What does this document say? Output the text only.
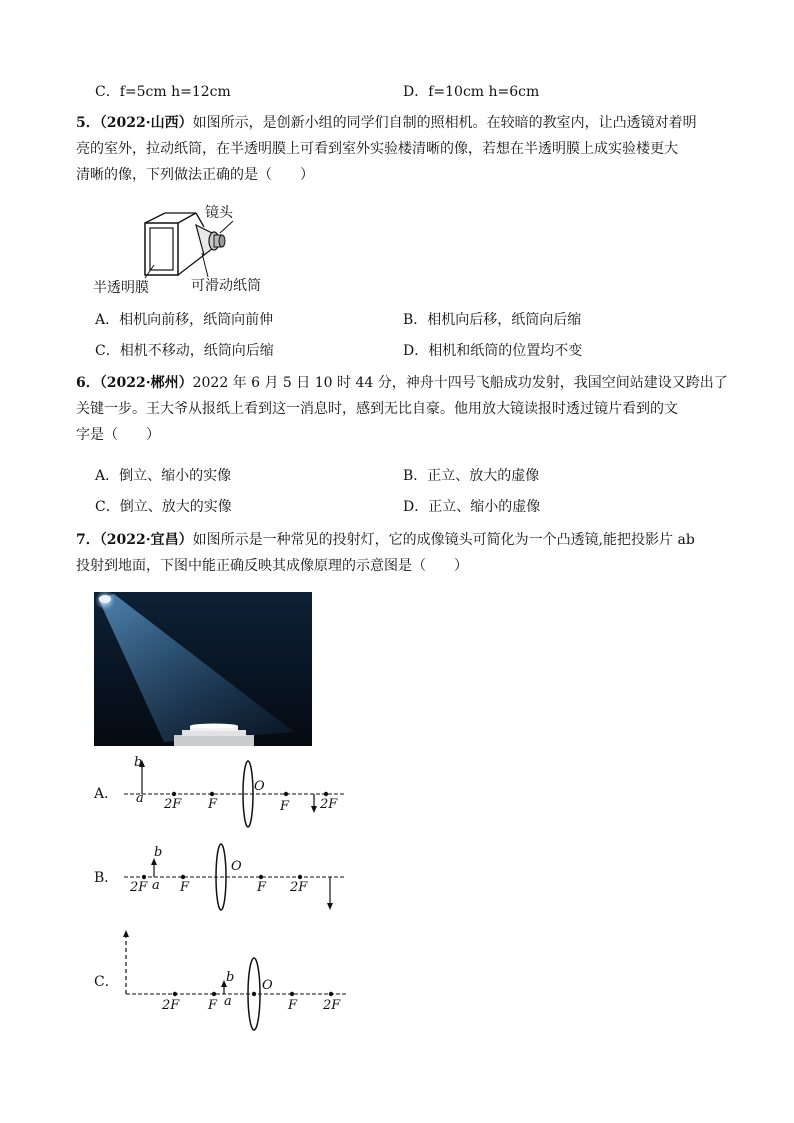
C．f=5cm h=12cm	D．f=10cm h=6cm
5．（2022·山西）如图所示，是创新小组的同学们自制的照相机。在较暗的教室内，让凸透镜对着明
亮的室外，拉动纸筒，在半透明膜上可看到室外实验楼清晰的像，若想在半透明膜上成实验楼更大
清晰的像，下列做法正确的是（　　）
镜头
半透明膜	可滑动纸筒
A．相机向前移，纸筒向前伸	B．相机向后移，纸筒向后缩
C．相机不移动，纸筒向后缩	D．相机和纸筒的位置均不变
6．（2022·郴州）2022 年 6 月 5 日 10 时 44 分，神舟十四号飞船成功发射，我国空间站建设又跨出了
关键一步。王大爷从报纸上看到这一消息时，感到无比自豪。他用放大镜读报时透过镜片看到的文
字是（　　）
A．倒立、缩小的实像	B．正立、放大的虚像
C．倒立、放大的实像	D．正立、缩小的虚像
7．（2022·宜昌）如图所示是一种常见的投射灯，它的成像镜头可简化为一个凸透镜,能把投影片 ab
投射到地面，下图中能正确反映其成像原理的示意图是（　　）
A．
b
a 2F F
O
F 2F
B．
b
a
2F	F
O
F 2F
C．	b
a
2F F
O
F 2F
